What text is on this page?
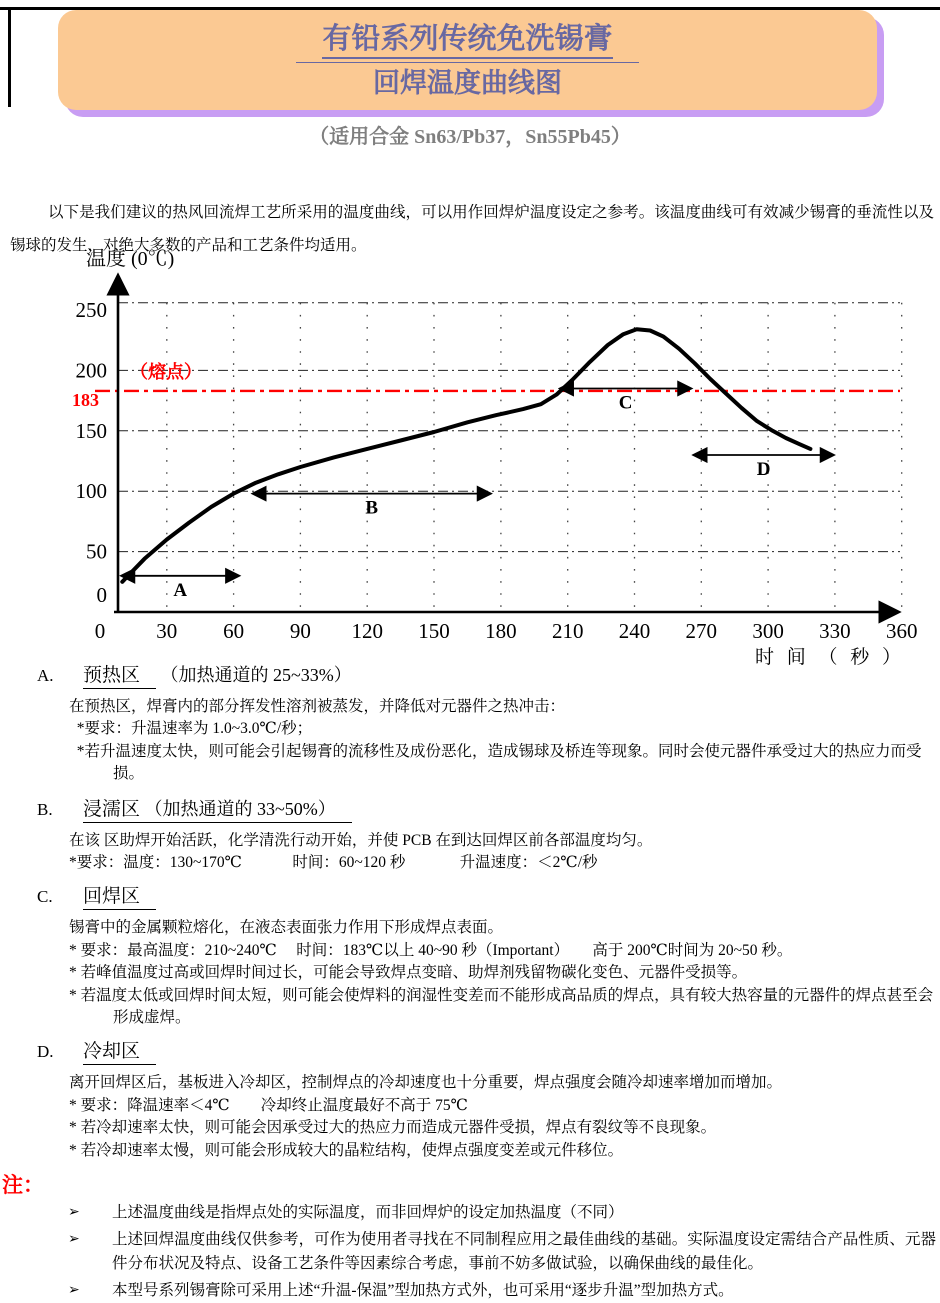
有铅系列传统免洗锡膏
回焊温度曲线图
（适用合金 Sn63/Pb37，Sn55Pb45）
以下是我们建议的热风回流焊工艺所采用的温度曲线，可以用作回焊炉温度设定之参考。该温度曲线可有效减少锡膏的垂流性以及锡球的发生，对绝大多数的产品和工艺条件均适用。
A
B
C
D
0
50
100
150
200
250
0 30 60 90 120 150 180 210 240 270 300 330 360
（熔点）
183
温度 (0℃)
时 间 （ 秒 ）
A. 预热区 （加热通道的 25~33%）
在预热区，焊膏内的部分挥发性溶剂被蒸发，并降低对元器件之热冲击：
*要求：升温速率为 1.0~3.0℃/秒；
*若升温速度太快，则可能会引起锡膏的流移性及成份恶化，造成锡球及桥连等现象。同时会使元器件承受过大的热应力而受损。
B. 浸濡区 （加热通道的 33~50%）
在该 区助焊开始活跃，化学清洗行动开始，并使 PCB 在到达回焊区前各部温度均匀。
*要求：温度：130~170℃             时间：60~120 秒              升温速度：＜2℃/秒
C. 回焊区
锡膏中的金属颗粒熔化，在液态表面张力作用下形成焊点表面。
* 要求：最高温度：210~240℃     时间：183℃以上 40~90 秒（Important）      高于 200℃时间为 20~50 秒。
* 若峰值温度过高或回焊时间过长，可能会导致焊点变暗、助焊剂残留物碳化变色、元器件受损等。
* 若温度太低或回焊时间太短，则可能会使焊料的润湿性变差而不能形成高品质的焊点，具有较大热容量的元器件的焊点甚至会形成虚焊。
D. 冷却区
离开回焊区后，基板进入冷却区，控制焊点的冷却速度也十分重要，焊点强度会随冷却速率增加而增加。
* 要求：降温速率＜4℃        冷却终止温度最好不高于 75℃
* 若冷却速率太快，则可能会因承受过大的热应力而造成元器件受损，焊点有裂纹等不良现象。
* 若冷却速率太慢，则可能会形成较大的晶粒结构，使焊点强度变差或元件移位。
注：
➢	上述温度曲线是指焊点处的实际温度，而非回焊炉的设定加热温度（不同）
➢	上述回焊温度曲线仅供参考，可作为使用者寻找在不同制程应用之最佳曲线的基础。实际温度设定需结合产品性质、元器件分布状况及特点、设备工艺条件等因素综合考虑，事前不妨多做试验，以确保曲线的最佳化。
➢	本型号系列锡膏除可采用上述“升温-保温”型加热方式外，也可采用“逐步升温”型加热方式。
